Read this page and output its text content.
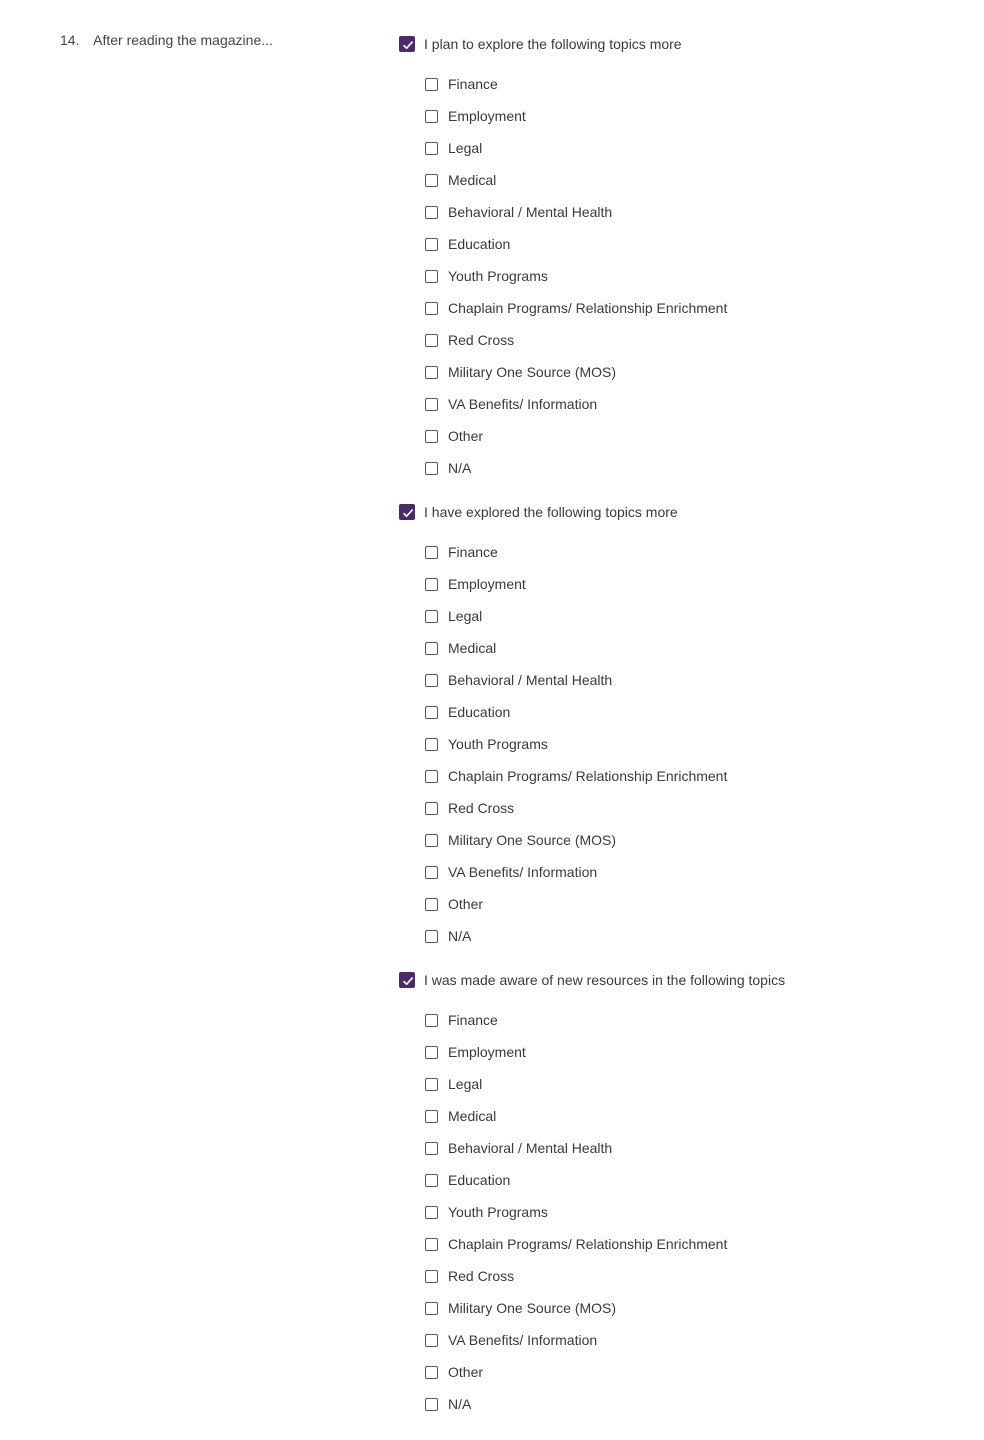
14. After reading the magazine...	I plan to explore the following topics more
Finance
Employment
Legal
Medical
Behavioral / Mental Health
Education
Youth Programs
Chaplain Programs/ Relationship Enrichment
Red Cross
Military One Source (MOS)
VA Benefits/ Information
Other
N/A
I have explored the following topics more
Finance
Employment
Legal
Medical
Behavioral / Mental Health
Education
Youth Programs
Chaplain Programs/ Relationship Enrichment
Red Cross
Military One Source (MOS)
VA Benefits/ Information
Other
N/A
I was made aware of new resources in the following topics
Finance
Employment
Legal
Medical
Behavioral / Mental Health
Education
Youth Programs
Chaplain Programs/ Relationship Enrichment
Red Cross
Military One Source (MOS)
VA Benefits/ Information
Other
N/A
